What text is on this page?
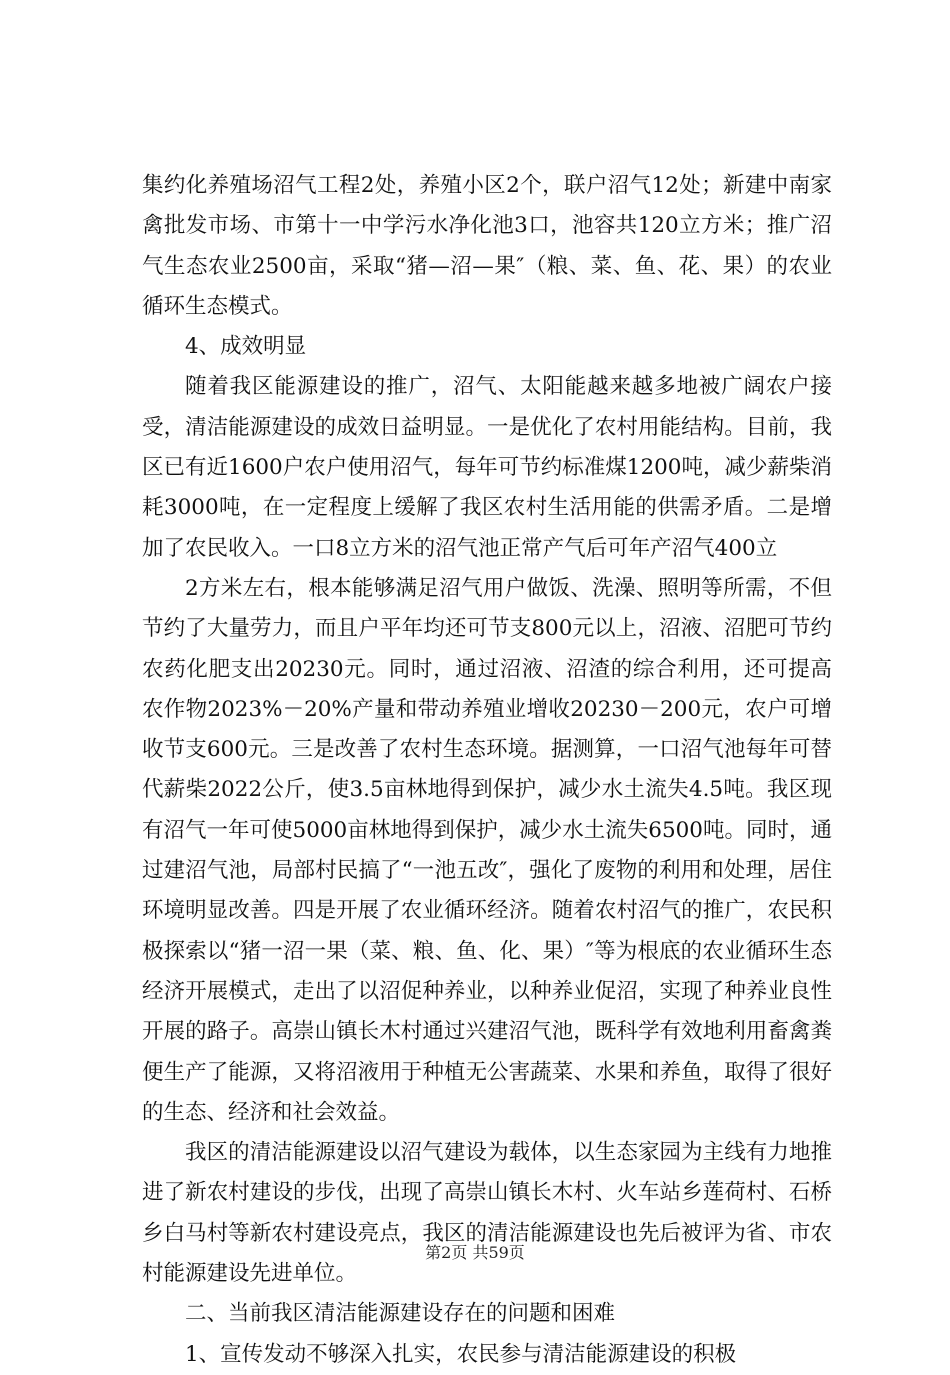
集约化养殖场沼气工程2处，养殖小区2个，联户沼气12处；新建中南家禽批发市场、市第十一中学污水净化池3口，池容共120立方米；推广沼气生态农业2500亩，采取“猪—沼—果″（粮、菜、鱼、花、果）的农业循环生态模式。

4、成效明显

随着我区能源建设的推广，沼气、太阳能越来越多地被广阔农户接受，清洁能源建设的成效日益明显。一是优化了农村用能结构。目前，我区已有近1600户农户使用沼气，每年可节约标准煤1200吨，减少薪柴消耗3000吨，在一定程度上缓解了我区农村生活用能的供需矛盾。二是增加了农民收入。一口8立方米的沼气池正常产气后可年产沼气400立

2方米左右，根本能够满足沼气用户做饭、洗澡、照明等所需，不但节约了大量劳力，而且户平年均还可节支800元以上，沼液、沼肥可节约农药化肥支出20230元。同时，通过沼液、沼渣的综合利用，还可提高农作物2023%－20%产量和带动养殖业增收20230－200元，农户可增收节支600元。三是改善了农村生态环境。据测算，一口沼气池每年可替代薪柴2022公斤，使3.5亩林地得到保护，减少水土流失4.5吨。我区现有沼气一年可使5000亩林地得到保护，减少水土流失6500吨。同时，通过建沼气池，局部村民搞了“一池五改″，强化了废物的利用和处理，居住环境明显改善。四是开展了农业循环经济。随着农村沼气的推广，农民积极探索以“猪一沼一果（菜、粮、鱼、化、果）″等为根底的农业循环生态经济开展模式，走出了以沼促种养业，以种养业促沼，实现了种养业良性开展的路子。高崇山镇长木村通过兴建沼气池，既科学有效地利用畜禽粪便生产了能源，又将沼液用于种植无公害蔬菜、水果和养鱼，取得了很好的生态、经济和社会效益。

我区的清洁能源建设以沼气建设为载体，以生态家园为主线有力地推进了新农村建设的步伐，出现了高崇山镇长木村、火车站乡莲荷村、石桥乡白马村等新农村建设亮点，我区的清洁能源建设也先后被评为省、市农村能源建设先进单位。

二、当前我区清洁能源建设存在的问题和困难

1、宣传发动不够深入扎实，农民参与清洁能源建设的积极

第2页 共59页
